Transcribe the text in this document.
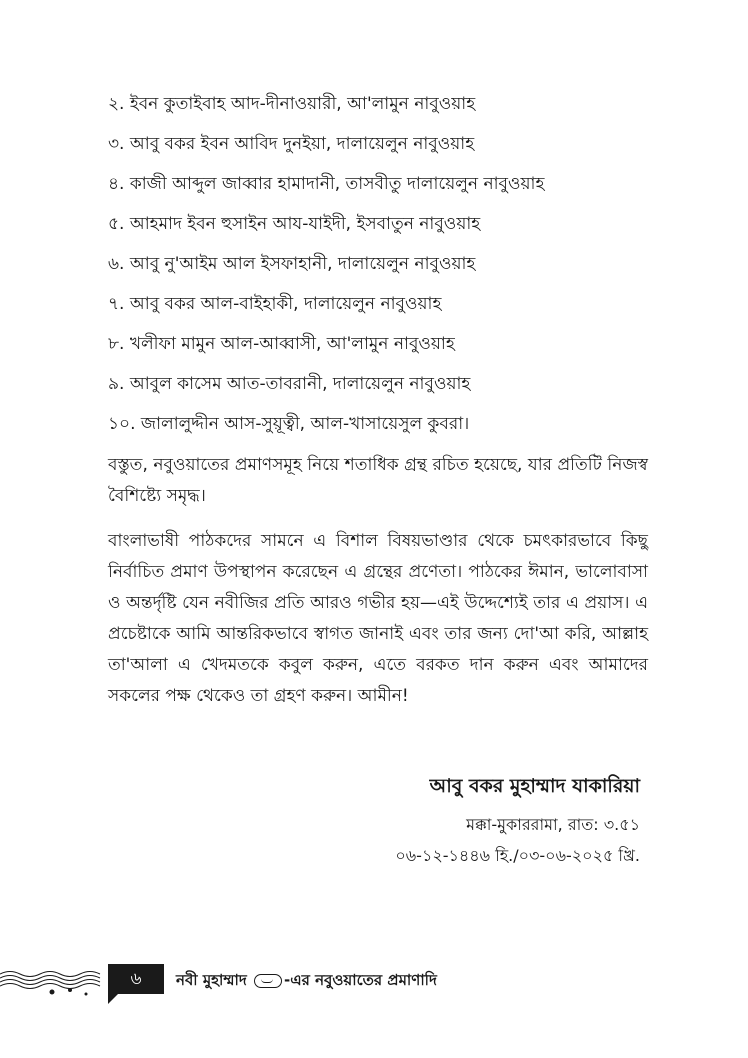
২. ইবন কুতাইবাহ আদ-দীনাওয়ারী, আ'লামুন নাবুওয়াহ
৩. আবু বকর ইবন আবিদ দুনইয়া, দালায়েলুন নাবুওয়াহ
৪. কাজী আব্দুল জাব্বার হামাদানী, তাসবীতু দালায়েলুন নাবুওয়াহ
৫. আহমাদ ইবন হুসাইন আয-যাইদী, ইসবাতুন নাবুওয়াহ
৬. আবু নু'আইম আল ইসফাহানী, দালায়েলুন নাবুওয়াহ
৭. আবু বকর আল-বাইহাকী, দালায়েলুন নাবুওয়াহ
৮. খলীফা মামুন আল-আব্বাসী, আ'লামুন নাবুওয়াহ
৯. আবুল কাসেম আত-তাবরানী, দালায়েলুন নাবুওয়াহ
১০. জালালুদ্দীন আস-সুয়ূত্বী, আল-খাসায়েসুল কুবরা।

বস্তুত, নবুওয়াতের প্রমাণসমূহ নিয়ে শতাধিক গ্রন্থ রচিত হয়েছে, যার প্রতিটি নিজস্ব বৈশিষ্ট্যে সমৃদ্ধ।

বাংলাভাষী পাঠকদের সামনে এ বিশাল বিষয়ভাণ্ডার থেকে চমৎকারভাবে কিছু নির্বাচিত প্রমাণ উপস্থাপন করেছেন এ গ্রন্থের প্রণেতা। পাঠকের ঈমান, ভালোবাসা ও অন্তর্দৃষ্টি যেন নবীজির প্রতি আরও গভীর হয়—এই উদ্দেশ্যেই তার এ প্রয়াস। এ প্রচেষ্টাকে আমি আন্তরিকভাবে স্বাগত জানাই এবং তার জন্য দো'আ করি, আল্লাহ তা'আলা এ খেদমতকে কবুল করুন, এতে বরকত দান করুন এবং আমাদের সকলের পক্ষ থেকেও তা গ্রহণ করুন। আমীন!

আবু বকর মুহাম্মাদ যাকারিয়া
মক্কা-মুকাররামা, রাত: ৩.৫১
০৬-১২-১৪৪৬ হি./০৩-০৬-২০২৫ খ্রি.
৬	নবী মুহাম্মাদ -এর নবুওয়াতের প্রমাণাদি
